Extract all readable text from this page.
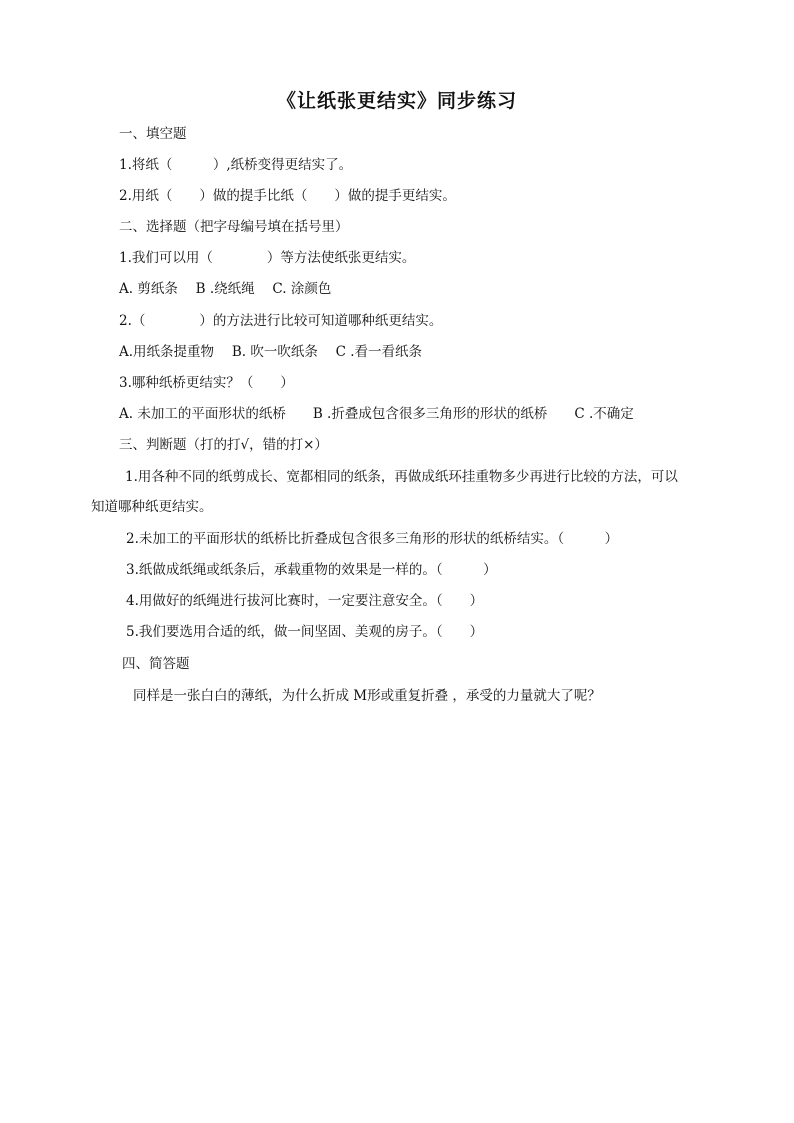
《让纸张更结实》同步练习
一、填空题
1.将纸（　　　）,纸桥变得更结实了。
2.用纸（　　）做的提手比纸（　　）做的提手更结实。
二、选择题（把字母编号填在括号里）
1.我们可以用（　　　　）等方法使纸张更结实。
A. 剪纸条　 B .绕纸绳　 C. 涂颜色
2.（　　　　）的方法进行比较可知道哪种纸更结实。
A.用纸条提重物　 B. 吹一吹纸条　 C .看一看纸条
3.哪种纸桥更结实？（　　）
A. 未加工的平面形状的纸桥　　B .折叠成包含很多三角形的形状的纸桥　　C .不确定
三、判断题（打的打√，错的打×）
1.用各种不同的纸剪成长、宽都相同的纸条，再做成纸环挂重物多少再进行比较的方法，可以
知道哪种纸更结实。
2.未加工的平面形状的纸桥比折叠成包含很多三角形的形状的纸桥结实。（　　　）
3.纸做成纸绳或纸条后，承载重物的效果是一样的。（　　　）
4.用做好的纸绳进行拔河比赛时，一定要注意安全。（　　）
5.我们要选用合适的纸，做一间坚固、美观的房子。（　　）
四、简答题
同样是一张白白的薄纸，为什么折成 M形或重复折叠 ，承受的力量就大了呢？
